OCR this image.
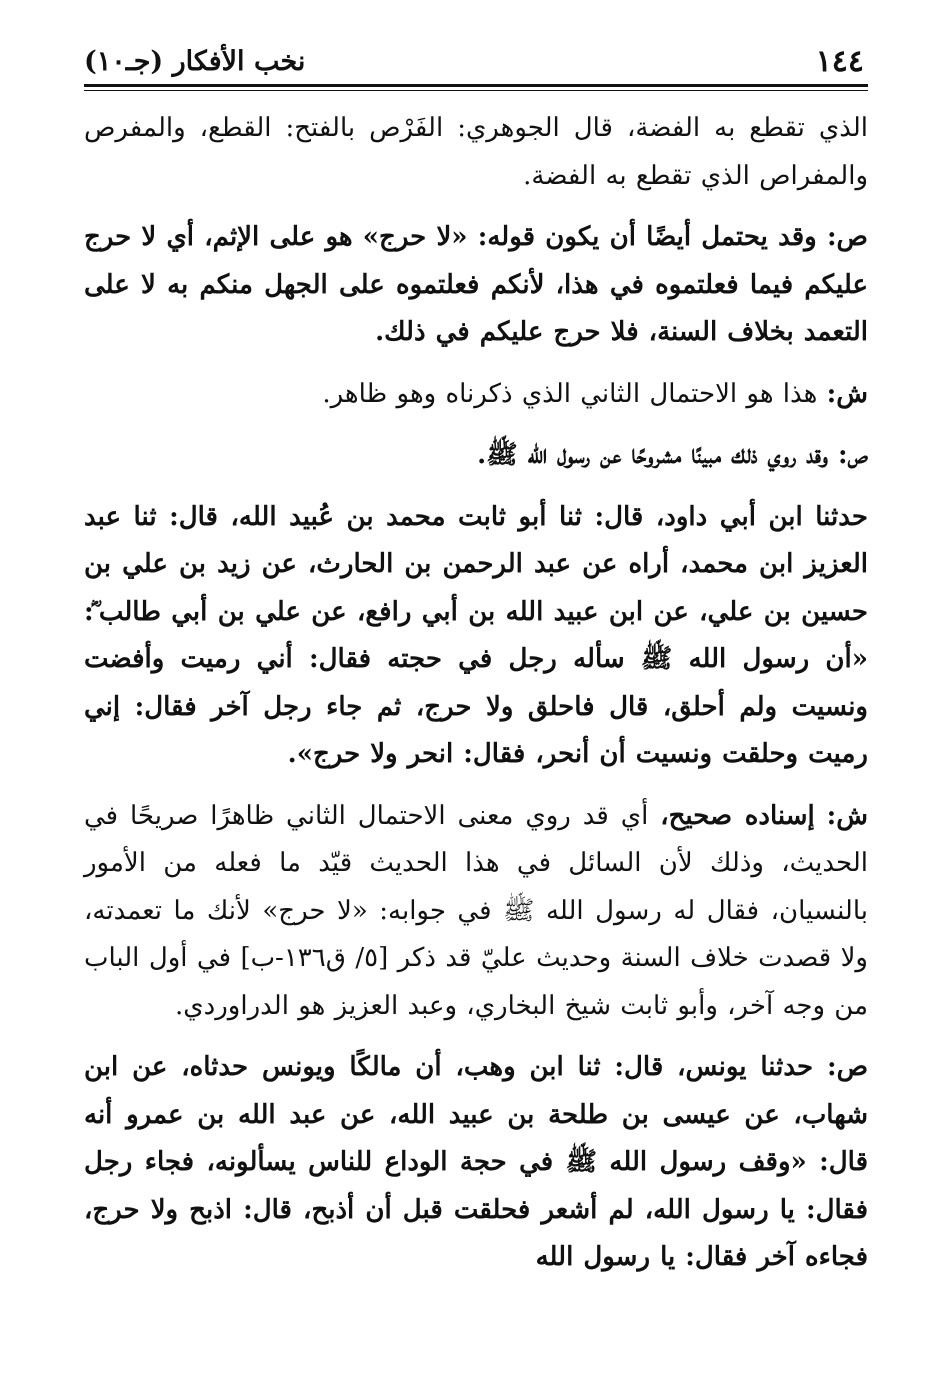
١٤٤
نخب الأفكار (جـ١٠)

الذي تقطع به الفضة، قال الجوهري: الفَرْص بالفتح: القطع، والمفرص والمفراص الذي تقطع به الفضة.

ص: وقد يحتمل أيضًا أن يكون قوله: «لا حرج» هو على الإثم، أي لا حرج عليكم فيما فعلتموه في هذا، لأنكم فعلتموه على الجهل منكم به لا على التعمد بخلاف السنة، فلا حرج عليكم في ذلك.

ش: هذا هو الاحتمال الثاني الذي ذكرناه وهو ظاهر.

ص: وقد روي ذلك مبينًا مشروحًا عن رسول الله ﷺ.

حدثنا ابن أبي داود، قال: ثنا أبو ثابت محمد بن عُبيد الله، قال: ثنا عبد العزيز ابن محمد، أراه عن عبد الرحمن بن الحارث، عن زيد بن علي بن حسين بن علي، عن ابن عبيد الله بن أبي رافع، عن علي بن أبي طالب ؓ: «أن رسول الله ﷺ سأله رجل في حجته فقال: أني رميت وأفضت ونسيت ولم أحلق، قال فاحلق ولا حرج، ثم جاء رجل آخر فقال: إني رميت وحلقت ونسيت أن أنحر، فقال: انحر ولا حرج».

ش: إسناده صحيح، أي قد روي معنى الاحتمال الثاني ظاهرًا صريحًا في الحديث، وذلك لأن السائل في هذا الحديث قيّد ما فعله من الأمور بالنسيان، فقال له رسول الله ﷺ في جوابه: «لا حرج» لأنك ما تعمدته، ولا قصدت خلاف السنة وحديث عليّ قد ذكر [٥/ ق١٣٦-ب] في أول الباب من وجه آخر، وأبو ثابت شيخ البخاري، وعبد العزيز هو الدراوردي.

ص: حدثنا يونس، قال: ثنا ابن وهب، أن مالكًا ويونس حدثاه، عن ابن شهاب، عن عيسى بن طلحة بن عبيد الله، عن عبد الله بن عمرو أنه قال: «وقف رسول الله ﷺ في حجة الوداع للناس يسألونه، فجاء رجل فقال: يا رسول الله، لم أشعر فحلقت قبل أن أذبح، قال: اذبح ولا حرج، فجاءه آخر فقال: يا رسول الله
